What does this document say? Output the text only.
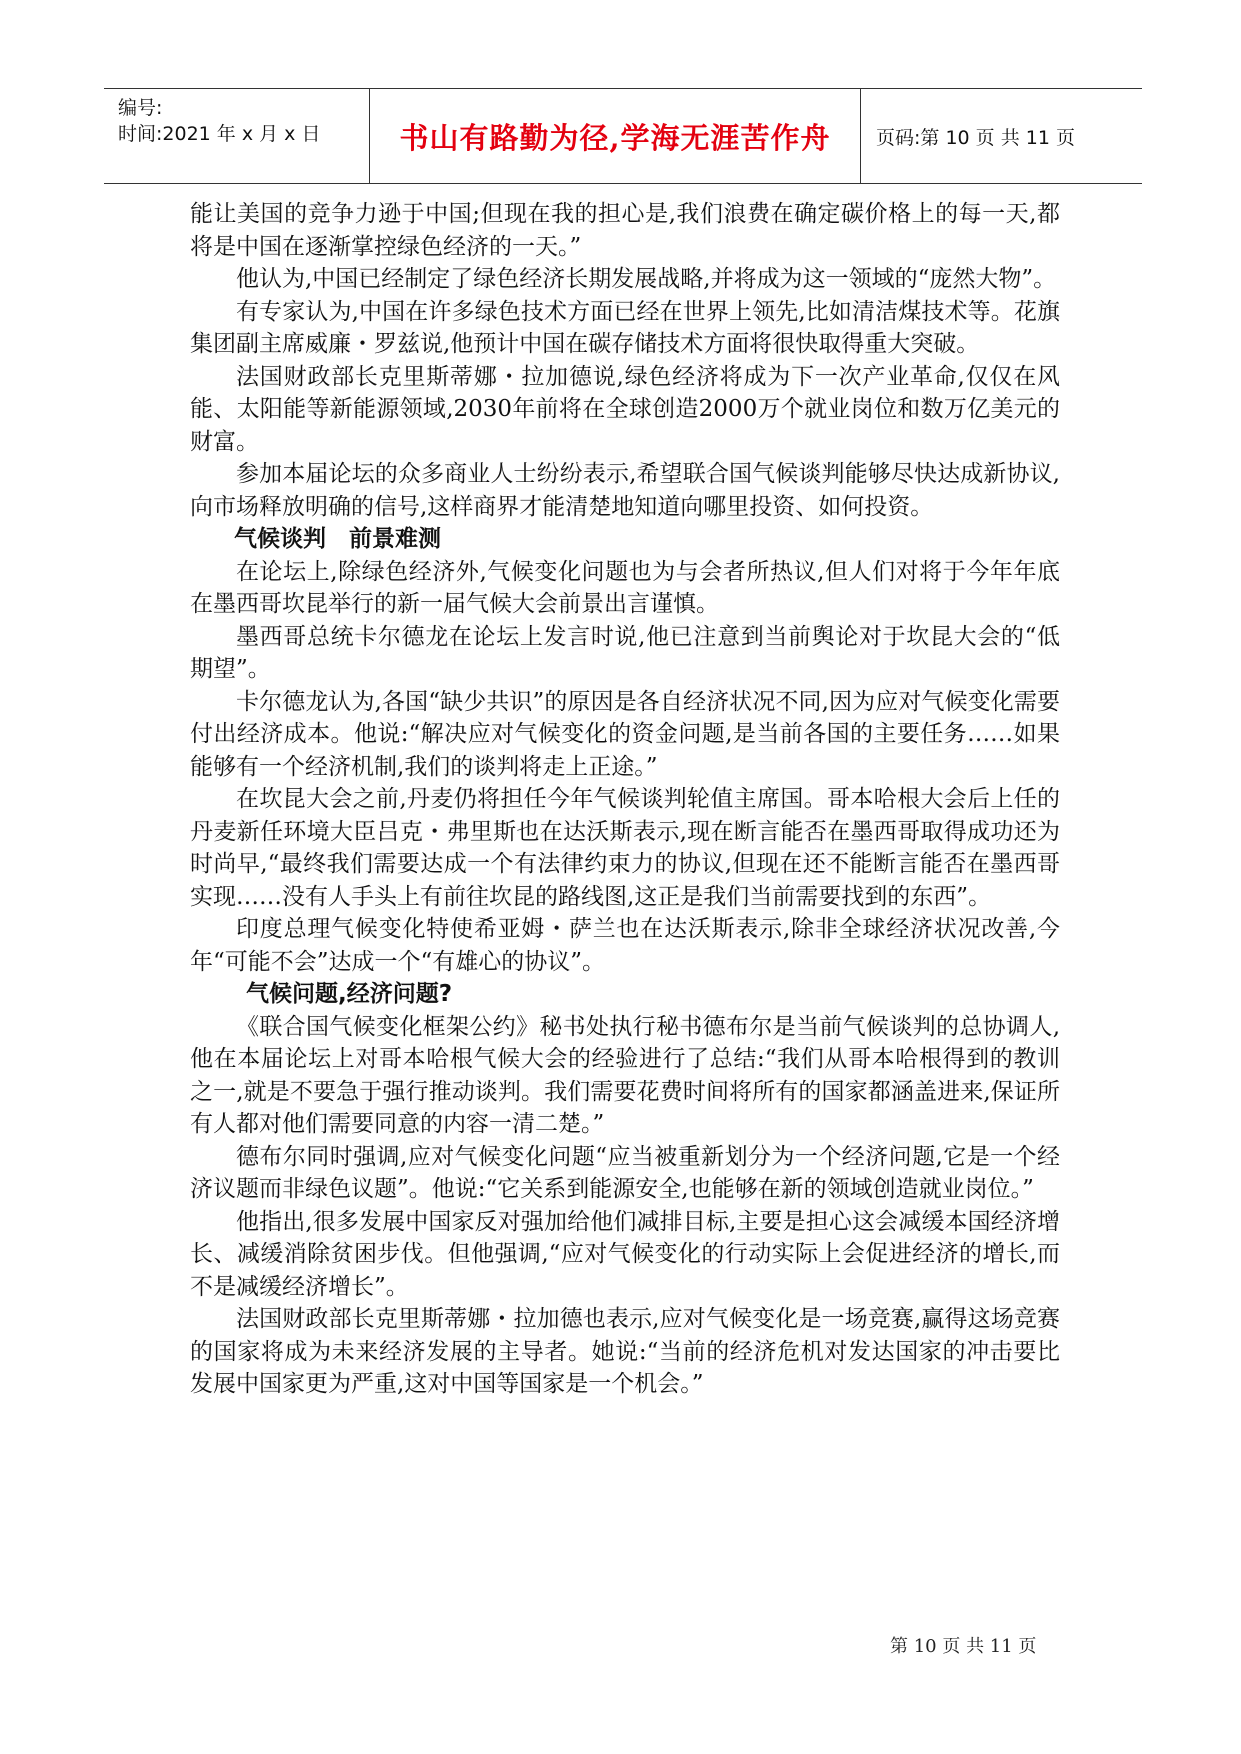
编号:
时间:2021 年 x 月 x 日	书山有路勤为径,学海无涯苦作舟	页码:第 10 页 共 11 页

能让美国的竞争力逊于中国;但现在我的担心是,我们浪费在确定碳价格上的每一天,都将是中国在逐渐掌控绿色经济的一天。”

他认为,中国已经制定了绿色经济长期发展战略,并将成为这一领域的“庞然大物”。

有专家认为,中国在许多绿色技术方面已经在世界上领先,比如清洁煤技术等。花旗集团副主席威廉・罗兹说,他预计中国在碳存储技术方面将很快取得重大突破。

法国财政部长克里斯蒂娜・拉加德说,绿色经济将成为下一次产业革命,仅仅在风能、太阳能等新能源领域,2030年前将在全球创造2000万个就业岗位和数万亿美元的财富。

参加本届论坛的众多商业人士纷纷表示,希望联合国气候谈判能够尽快达成新协议,向市场释放明确的信号,这样商界才能清楚地知道向哪里投资、如何投资。

气候谈判　前景难测

在论坛上,除绿色经济外,气候变化问题也为与会者所热议,但人们对将于今年年底在墨西哥坎昆举行的新一届气候大会前景出言谨慎。

墨西哥总统卡尔德龙在论坛上发言时说,他已注意到当前舆论对于坎昆大会的“低期望”。

卡尔德龙认为,各国“缺少共识”的原因是各自经济状况不同,因为应对气候变化需要付出经济成本。他说:“解决应对气候变化的资金问题,是当前各国的主要任务……如果能够有一个经济机制,我们的谈判将走上正途。”

在坎昆大会之前,丹麦仍将担任今年气候谈判轮值主席国。哥本哈根大会后上任的丹麦新任环境大臣吕克・弗里斯也在达沃斯表示,现在断言能否在墨西哥取得成功还为时尚早,“最终我们需要达成一个有法律约束力的协议,但现在还不能断言能否在墨西哥实现……没有人手头上有前往坎昆的路线图,这正是我们当前需要找到的东西”。

印度总理气候变化特使希亚姆・萨兰也在达沃斯表示,除非全球经济状况改善,今年“可能不会”达成一个“有雄心的协议”。

气候问题,经济问题?

《联合国气候变化框架公约》秘书处执行秘书德布尔是当前气候谈判的总协调人,他在本届论坛上对哥本哈根气候大会的经验进行了总结:“我们从哥本哈根得到的教训之一,就是不要急于强行推动谈判。我们需要花费时间将所有的国家都涵盖进来,保证所有人都对他们需要同意的内容一清二楚。”

德布尔同时强调,应对气候变化问题“应当被重新划分为一个经济问题,它是一个经济议题而非绿色议题”。他说:“它关系到能源安全,也能够在新的领域创造就业岗位。”

他指出,很多发展中国家反对强加给他们减排目标,主要是担心这会减缓本国经济增长、减缓消除贫困步伐。但他强调,“应对气候变化的行动实际上会促进经济的增长,而不是减缓经济增长”。

法国财政部长克里斯蒂娜・拉加德也表示,应对气候变化是一场竞赛,赢得这场竞赛的国家将成为未来经济发展的主导者。她说:“当前的经济危机对发达国家的冲击要比发展中国家更为严重,这对中国等国家是一个机会。”

第 10 页 共 11 页
